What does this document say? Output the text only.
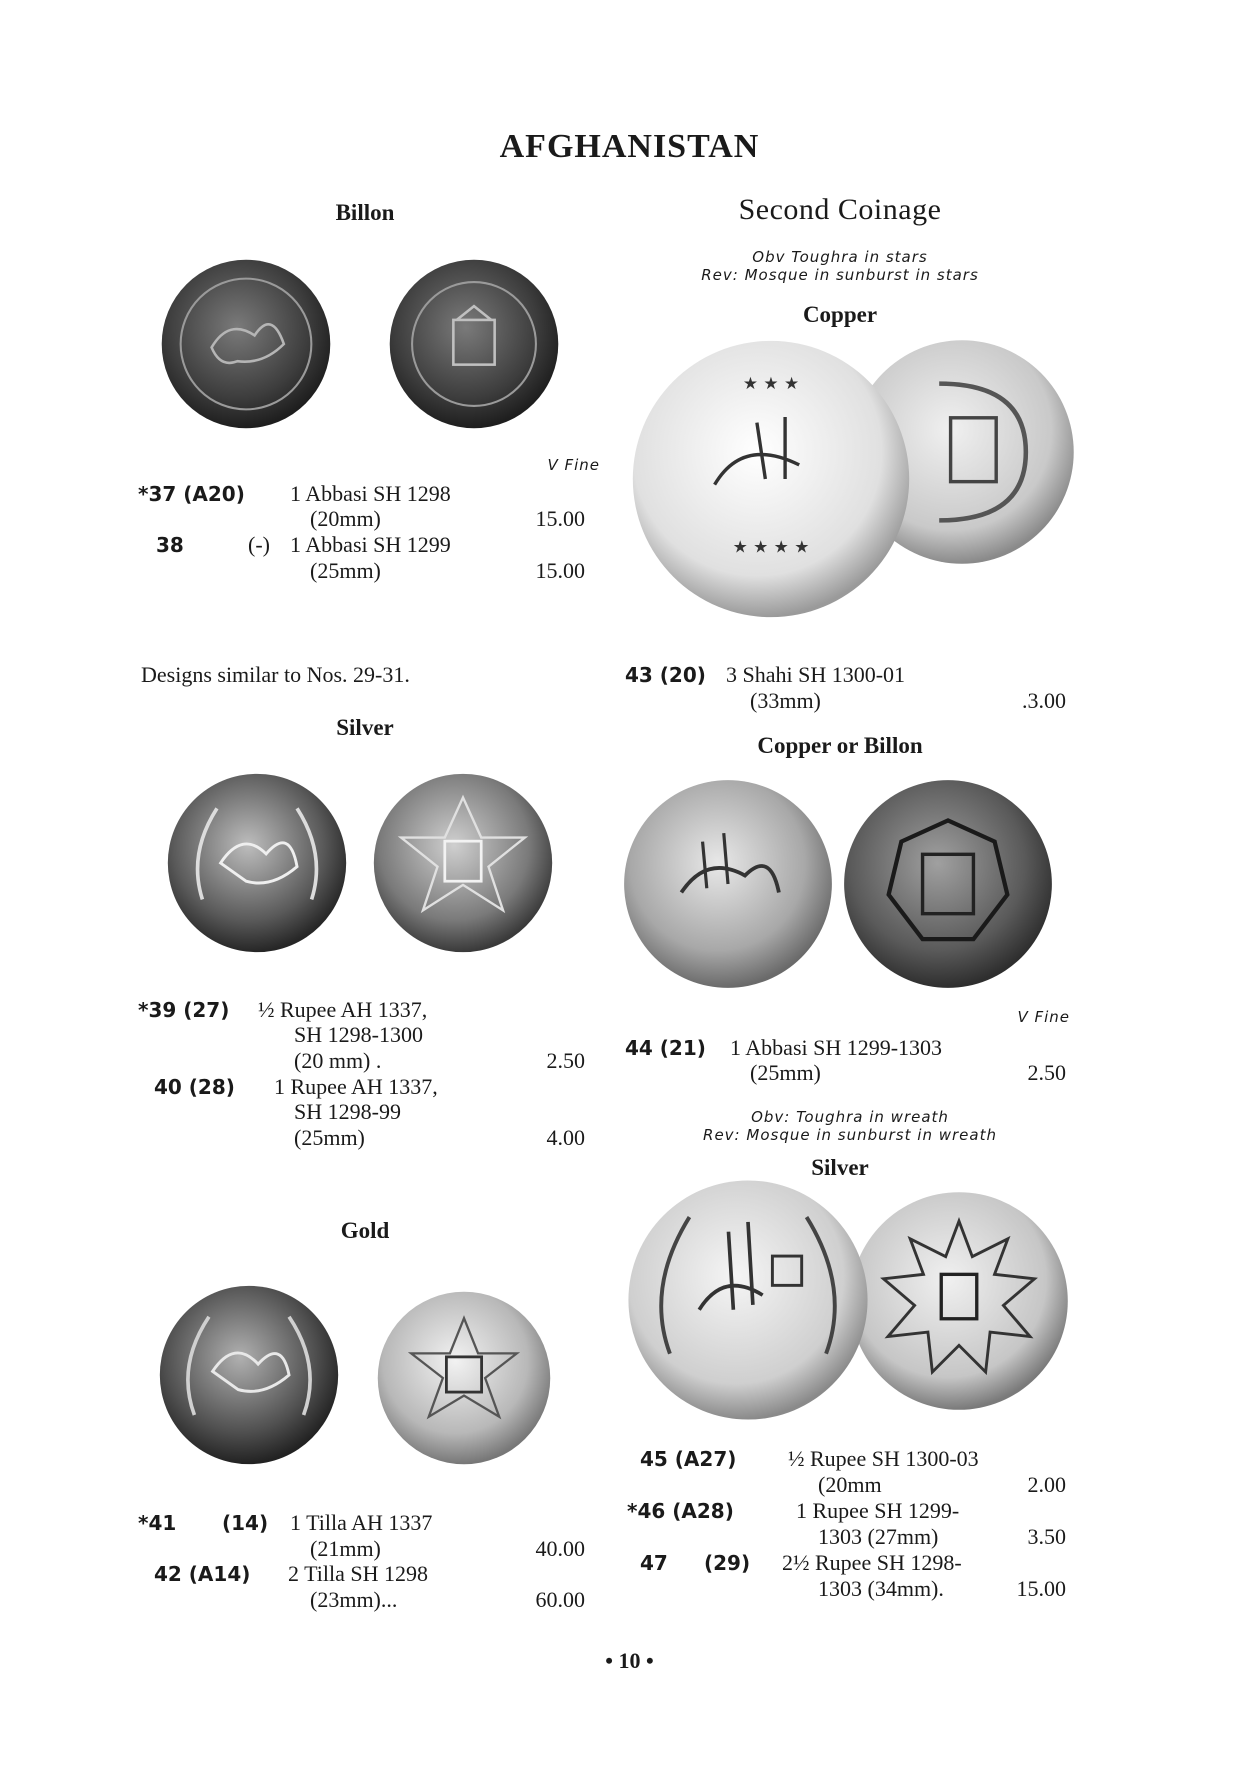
AFGHANISTAN
Billon
V Fine
*37 (A20) 1 Abbasi SH 1298
(20mm)	15.00
38	(-) 1 Abbasi SH 1299
(25mm)	15.00
Designs similar to Nos. 29-31.
Silver
*39 (27) ½ Rupee AH 1337,
SH 1298-1300
(20 mm) .	2.50
40 (28) 1 Rupee AH 1337,
SH 1298-99
(25mm)	4.00
Gold
*41 (14) 1 Tilla AH 1337
(21mm)	40.00
42 (A14) 2 Tilla SH 1298
(23mm)...	60.00
Second Coinage
Obv Toughra in stars
Rev: Mosque in sunburst in stars
Copper
★ ★ ★ ★
★ ★ ★
43 (20) 3 Shahi SH 1300-01
(33mm)	.3.00
Copper or Billon
V Fine
44 (21) 1 Abbasi SH 1299-1303
(25mm)	2.50
Obv: Toughra in wreath
Rev: Mosque in sunburst in wreath
Silver
45 (A27) ½ Rupee SH 1300-03
(20mm	2.00
*46 (A28)	1 Rupee SH 1299-
1303 (27mm)	3.50
47 (29) 2½ Rupee SH 1298-
1303 (34mm).	15.00
• 10 •
